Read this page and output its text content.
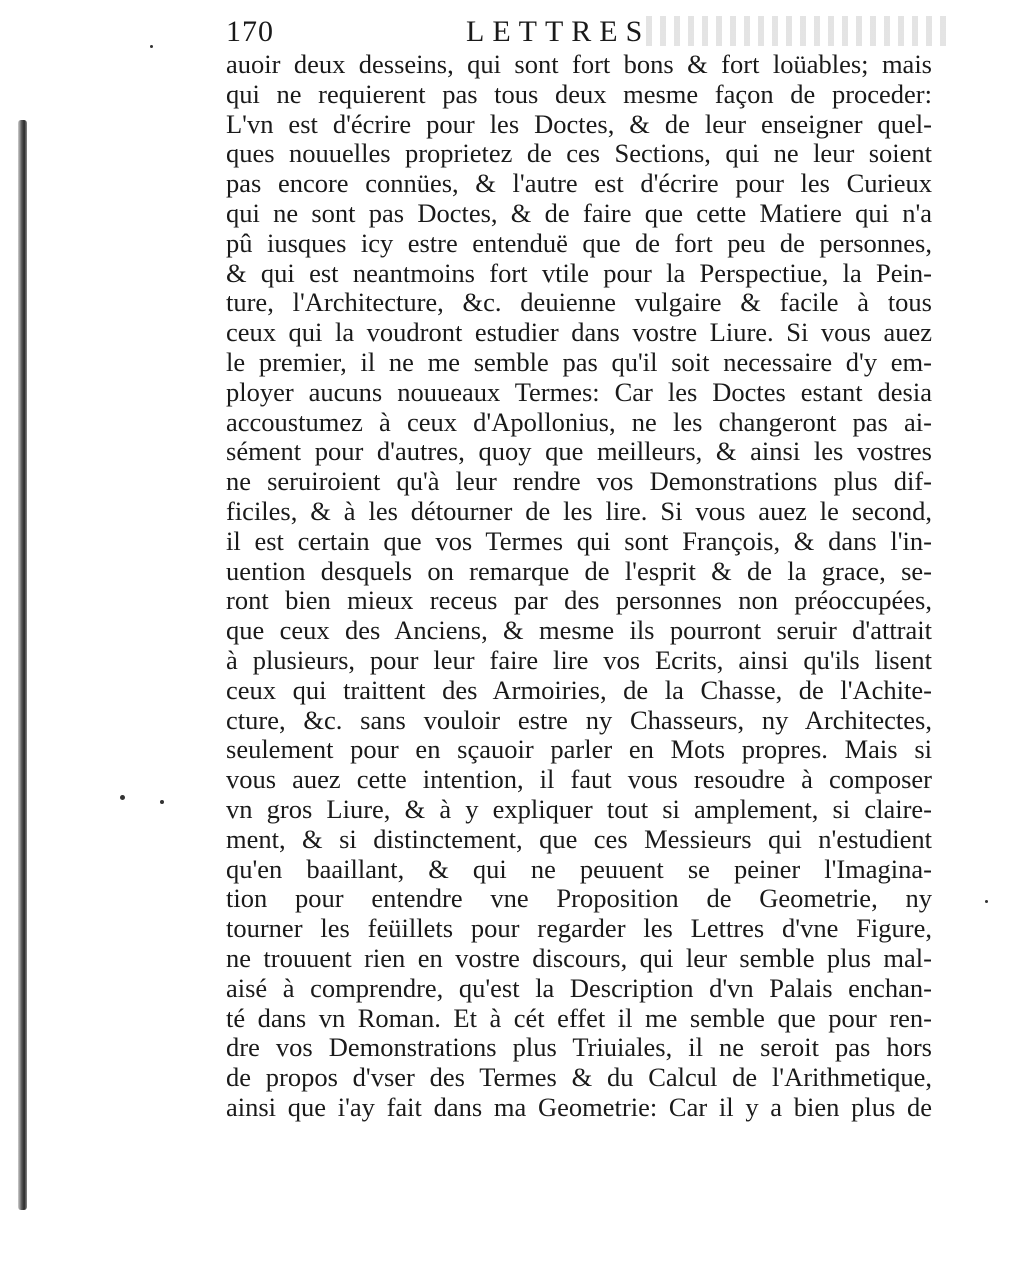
170	LETTRES
auoir deux desseins, qui sont fort bons & fort loüables; mais
qui ne requierent pas tous deux mesme façon de proceder:
L'vn est d'écrire pour les Doctes, & de leur enseigner quel-
ques nouuelles proprietez de ces Sections, qui ne leur soient
pas encore connües, & l'autre est d'écrire pour les Curieux
qui ne sont pas Doctes, & de faire que cette Matiere qui n'a
pû iusques icy estre entenduë que de fort peu de personnes,
& qui est neantmoins fort vtile pour la Perspectiue, la Pein-
ture, l'Architecture, &c. deuienne vulgaire & facile à tous
ceux qui la voudront estudier dans vostre Liure. Si vous auez
le premier, il ne me semble pas qu'il soit necessaire d'y em-
ployer aucuns nouueaux Termes: Car les Doctes estant desia
accoustumez à ceux d'Apollonius, ne les changeront pas ai-
sément pour d'autres, quoy que meilleurs, & ainsi les vostres
ne seruiroient qu'à leur rendre vos Demonstrations plus dif-
ficiles, & à les détourner de les lire. Si vous auez le second,
il est certain que vos Termes qui sont François, & dans l'in-
uention desquels on remarque de l'esprit & de la grace, se-
ront bien mieux receus par des personnes non préoccupées,
que ceux des Anciens, & mesme ils pourront seruir d'attrait
à plusieurs, pour leur faire lire vos Ecrits, ainsi qu'ils lisent
ceux qui traittent des Armoiries, de la Chasse, de l'Achite-
cture, &c. sans vouloir estre ny Chasseurs, ny Architectes,
seulement pour en sçauoir parler en Mots propres. Mais si
vous auez cette intention, il faut vous resoudre à composer
vn gros Liure, & à y expliquer tout si amplement, si claire-
ment, & si distinctement, que ces Messieurs qui n'estudient
qu'en baaillant, & qui ne peuuent se peiner l'Imagina-
tion pour entendre vne Proposition de Geometrie, ny
tourner les feüillets pour regarder les Lettres d'vne Figure,
ne trouuent rien en vostre discours, qui leur semble plus mal-
aisé à comprendre, qu'est la Description d'vn Palais enchan-
té dans vn Roman. Et à cét effet il me semble que pour ren-
dre vos Demonstrations plus Triuiales, il ne seroit pas hors
de propos d'vser des Termes & du Calcul de l'Arithmetique,
ainsi que i'ay fait dans ma Geometrie: Car il y a bien plus de
